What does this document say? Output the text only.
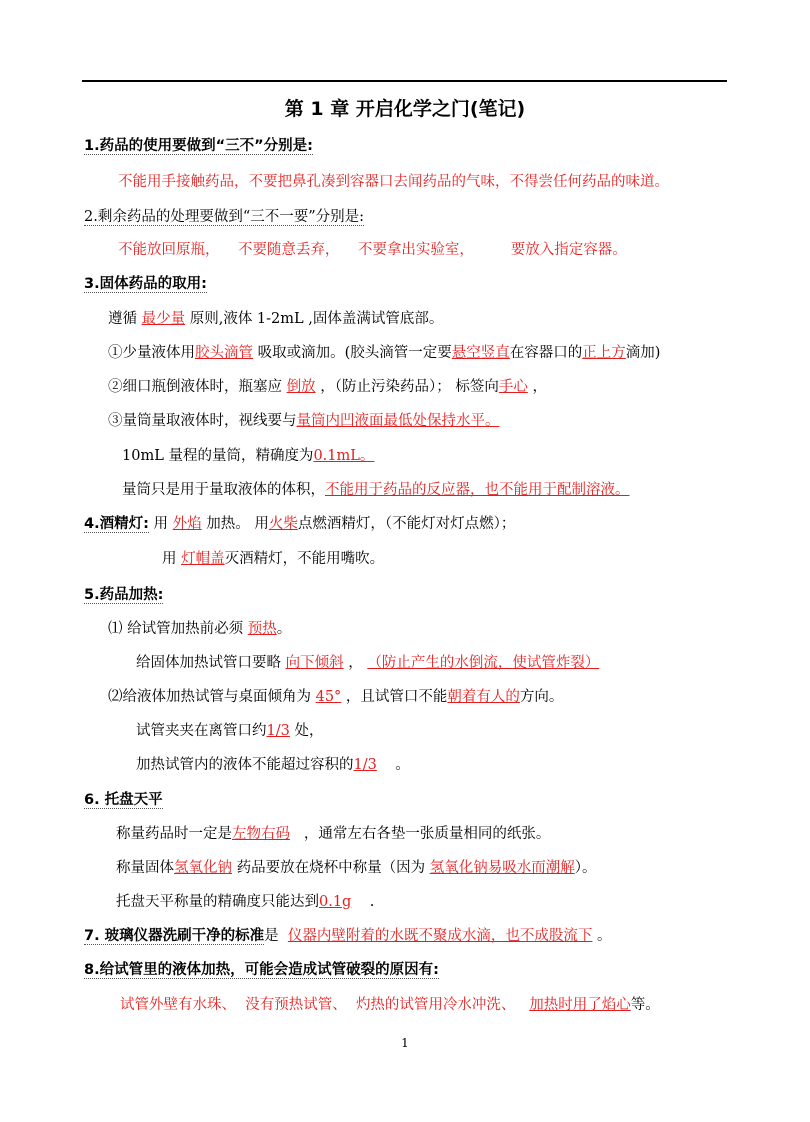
第 1 章 开启化学之门(笔记)
1.药品的使用要做到“三不”分别是:
不能用手接触药品，不要把鼻孔凑到容器口去闻药品的气味，不得尝任何药品的味道。
2.剩余药品的处理要做到“三不一要”分别是:
不能放回原瓶， 不要随意丢弃， 不要拿出实验室，	要放入指定容器。
3.固体药品的取用:
遵循 最少量 原则,液体 1-2mL ,固体盖满试管底部。
①少量液体用胶头滴管 吸取或滴加。(胶头滴管一定要悬空竖直在容器口的正上方滴加)
②细口瓶倒液体时，瓶塞应 倒放 ，（防止污染药品）； 标签向手心 ，
③量筒量取液体时，视线要与量筒内凹液面最低处保持水平。
10mL 量程的量筒，精确度为0.1mL。
量筒只是用于量取液体的体积，不能用于药品的反应器，也不能用于配制溶液。
4.酒精灯: 用 外焰 加热。 用火柴点燃酒精灯，（不能灯对灯点燃）；
用 灯帽盖灭酒精灯，不能用嘴吹。
5.药品加热:
⑴ 给试管加热前必须 预热。
给固体加热试管口要略 向下倾斜 ， （防止产生的水倒流，使试管炸裂）
⑵给液体加热试管与桌面倾角为 45° ，且试管口不能朝着有人的方向。
试管夹夹在离管口约1/3 处，
加热试管内的液体不能超过容积的1/3 。
6. 托盘天平
称量药品时一定是左物右码 ，通常左右各垫一张质量相同的纸张。
称量固体氢氧化钠 药品要放在烧杯中称量（因为 氢氧化钠易吸水而潮解）。
托盘天平称量的精确度只能达到0.1g .
7. 玻璃仪器洗刷干净的标准是 仪器内壁附着的水既不聚成水滴，也不成股流下 。
8.给试管里的液体加热，可能会造成试管破裂的原因有:
试管外壁有水珠、 没有预热试管、 灼热的试管用冷水冲洗、 加热时用了焰心等。
1
